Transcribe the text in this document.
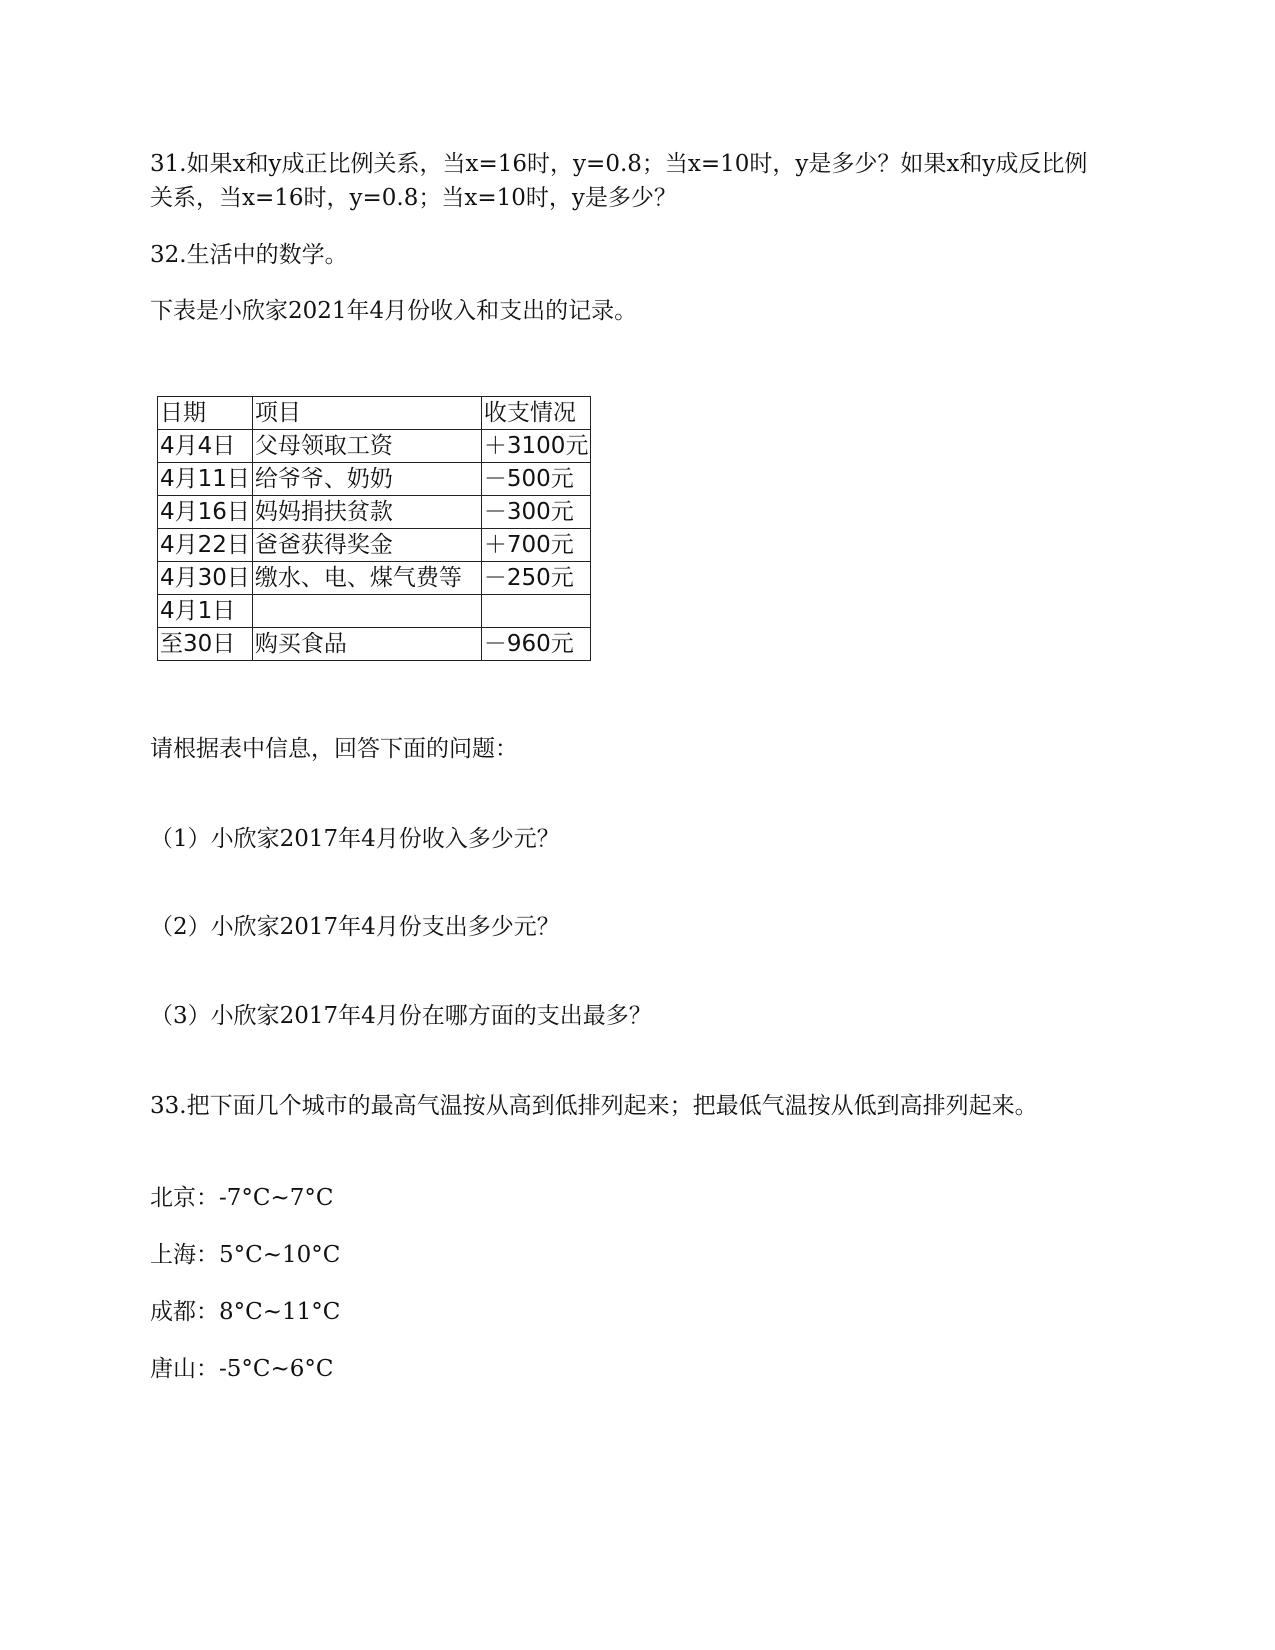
31.如果x和y成正比例关系，当x=16时，y=0.8；当x=10时，y是多少？如果x和y成反比例
关系，当x=16时，y=0.8；当x=10时，y是多少？
32.生活中的数学。
下表是小欣家2021年4月份收入和支出的记录。
日期	项目	收支情况
4月4日	父母领取工资	＋3100元
4月11日	给爷爷、奶奶	－500元
4月16日	妈妈捐扶贫款	－300元
4月22日	爸爸获得奖金	＋700元
4月30日	缴水、电、煤气费等	－250元
4月1日		
至30日	购买食品	－960元
请根据表中信息，回答下面的问题：
（1）小欣家2017年4月份收入多少元？
（2）小欣家2017年4月份支出多少元？
（3）小欣家2017年4月份在哪方面的支出最多？
33.把下面几个城市的最高气温按从高到低排列起来；把最低气温按从低到高排列起来。
北京：-7°C~7°C
上海：5°C~10°C
成都：8°C~11°C
唐山：-5°C~6°C
